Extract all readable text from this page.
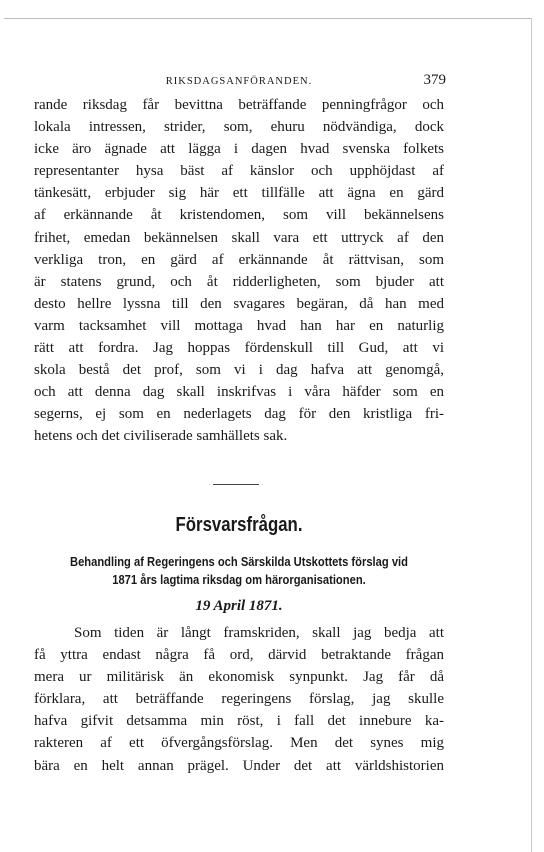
RIKSDAGSANFÖRANDEN.	379
rande riksdag får bevittna beträffande penningfrågor och
lokala intressen, strider, som, ehuru nödvändiga, dock
icke äro ägnade att lägga i dagen hvad svenska folkets
representanter hysa bäst af känslor och upphöjdast af
tänkesätt, erbjuder sig här ett tillfälle att ägna en gärd
af erkännande åt kristendomen, som vill bekännelsens
frihet, emedan bekännelsen skall vara ett uttryck af den
verkliga tron, en gärd af erkännande åt rättvisan, som
är statens grund, och åt ridderligheten, som bjuder att
desto hellre lyssna till den svagares begäran, då han med
varm tacksamhet vill mottaga hvad han har en naturlig
rätt att fordra. Jag hoppas fördenskull till Gud, att vi
skola bestå det prof, som vi i dag hafva att genomgå,
och att denna dag skall inskrifvas i våra häfder som en
segerns, ej som en nederlagets dag för den kristliga fri-
hetens och det civiliserade samhällets sak.
Försvarsfrågan.
Behandling af Regeringens och Särskilda Utskottets förslag vid
1871 års lagtima riksdag om härorganisationen.
19 April 1871.
Som tiden är långt framskriden, skall jag bedja att
få yttra endast några få ord, därvid betraktande frågan
mera ur militärisk än ekonomisk synpunkt. Jag får då
förklara, att beträffande regeringens förslag, jag skulle
hafva gifvit detsamma min röst, i fall det innebure ka-
rakteren af ett öfvergångsförslag. Men det synes mig
bära en helt annan prägel. Under det att världshistorien
